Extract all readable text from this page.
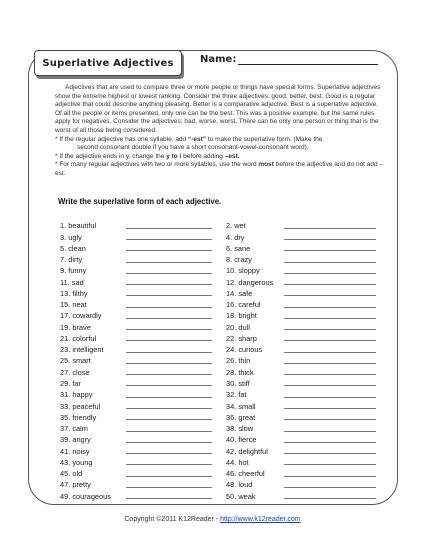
Superlative Adjectives	Name:

Adjectives that are used to compare three or more people or things have special forms. Superlative adjectives show the extreme highest or lowest ranking. Consider the three adjectives: good, better, best. Good is a regular adjective that could describe anything pleasing. Better is a comparative adjective. Best is a superlative adjective. Of all the people or items presented, only one can be the best. This was a positive example, but the same rules apply for negatives. Consider the adjectives: bad, worse, worst. There can be only one person or thing that is the worst of all those being considered.

* If the regular adjective has one syllable, add “-est” to make the superlative form. (Make the

second consonant double if you have a short consonant-vowel-consonant word).

* If the adjective ends in y, change the y to i before adding –est.

* For many regular adjectives with two or more syllables, use the word most before the adjective and do not add –est.

Write the superlative form of each adjective.
1. beautiful
3. ugly
5. clean
7. dirty
9. funny
11. sad
13. filthy
15. neat
17. cowardly
19. brave
21. colorful
23. intelligent
25. smart
27. close
29. far
31. happy
33. peaceful
35. friendly
37. calm
39. angry
41. noisy
43. young
45. old
47. pretty
49. courageous
2. wet
4. dry
6. sane
8. crazy
10. sloppy
12. dangerous
14. safe
16. careful
18. bright
20. dull
22. sharp
24. curious
26. thin
28. thick
30. stiff
32. fat
34. small
36. great
38. slow
40. fierce
42. delightful
44. hot
46. cheerful
48. loud
50. weak
Copyright ©2011 K12Reader - http://www.k12reader.com
